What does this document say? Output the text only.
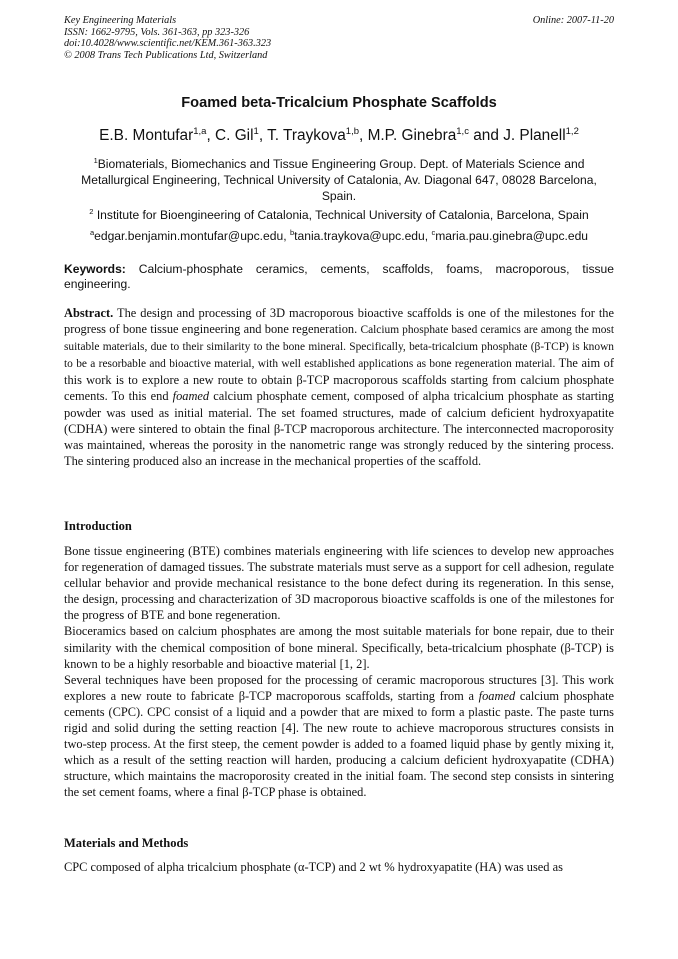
Key Engineering Materials
ISSN: 1662-9795, Vols. 361-363, pp 323-326
doi:10.4028/www.scientific.net/KEM.361-363.323
© 2008 Trans Tech Publications Ltd, Switzerland
Online: 2007-11-20
Foamed beta-Tricalcium Phosphate Scaffolds
E.B. Montufar$^{1,a}$, C. Gil$^1$, T. Traykova$^{1,b}$, M.P. Ginebra$^{1,c}$ and J. Planell$^{1,2}$
$^1$Biomaterials, Biomechanics and Tissue Engineering Group. Dept. of Materials Science and Metallurgical Engineering, Technical University of Catalonia, Av. Diagonal 647, 08028 Barcelona, Spain.
$^2$ Institute for Bioengineering of Catalonia, Technical University of Catalonia, Barcelona, Spain
$^a$edgar.benjamin.montufar@upc.edu, $^b$tania.traykova@upc.edu, $^c$maria.pau.ginebra@upc.edu
Keywords: Calcium-phosphate ceramics, cements, scaffolds, foams, macroporous, tissue engineering.
Abstract. The design and processing of 3D macroporous bioactive scaffolds is one of the milestones for the progress of bone tissue engineering and bone regeneration. Calcium phosphate based ceramics are among the most suitable materials, due to their similarity to the bone mineral. Specifically, beta-tricalcium phosphate (β-TCP) is known to be a resorbable and bioactive material, with well established applications as bone regeneration material. The aim of this work is to explore a new route to obtain β-TCP macroporous scaffolds starting from calcium phosphate cements. To this end foamed calcium phosphate cement, composed of alpha tricalcium phosphate as starting powder was used as initial material. The set foamed structures, made of calcium deficient hydroxyapatite (CDHA) were sintered to obtain the final β-TCP macroporous architecture. The interconnected macroporosity was maintained, whereas the porosity in the nanometric range was strongly reduced by the sintering process. The sintering produced also an increase in the mechanical properties of the scaffold.
Introduction

Bone tissue engineering (BTE) combines materials engineering with life sciences to develop new approaches for regeneration of damaged tissues. The substrate materials must serve as a support for cell adhesion, regulate cellular behavior and provide mechanical resistance to the bone defect during its regeneration. In this sense, the design, processing and characterization of 3D macroporous bioactive scaffolds is one of the milestones for the progress of BTE and bone regeneration.

Bioceramics based on calcium phosphates are among the most suitable materials for bone repair, due to their similarity with the chemical composition of bone mineral. Specifically, beta-tricalcium phosphate (β-TCP) is known to be a highly resorbable and bioactive material [1, 2].

Several techniques have been proposed for the processing of ceramic macroporous structures [3]. This work explores a new route to fabricate β-TCP macroporous scaffolds, starting from a foamed calcium phosphate cements (CPC). CPC consist of a liquid and a powder that are mixed to form a plastic paste. The paste turns rigid and solid during the setting reaction [4]. The new route to achieve macroporous structures consists in two-step process. At the first steep, the cement powder is added to a foamed liquid phase by gently mixing it, which as a result of the setting reaction will harden, producing a calcium deficient hydroxyapatite (CDHA) structure, which maintains the macroporosity created in the initial foam. The second step consists in sintering the set cement foams, where a final β-TCP phase is obtained.

Materials and Methods
CPC composed of alpha tricalcium phosphate (α-TCP) and 2 wt % hydroxyapatite (HA) was used as
